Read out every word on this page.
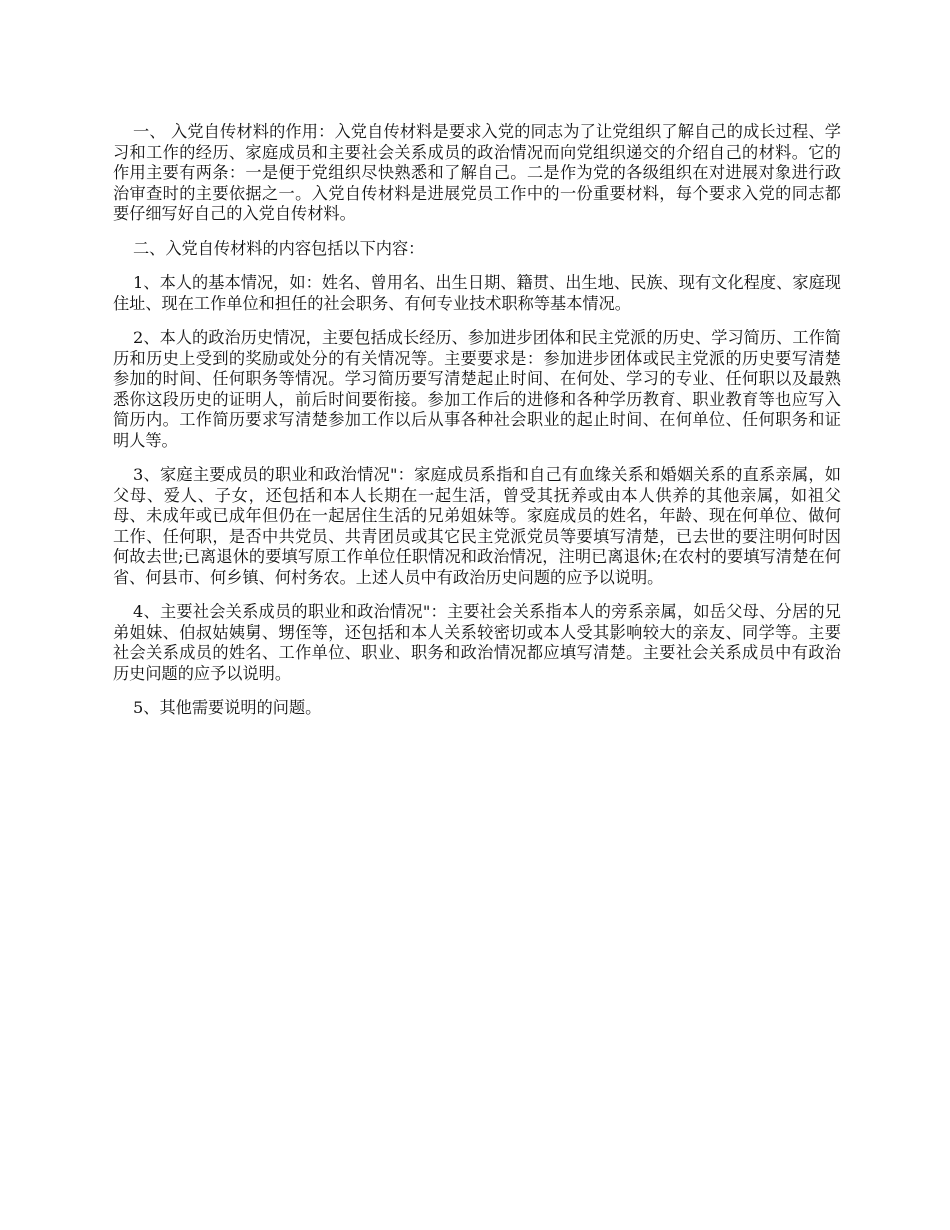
一、 入党自传材料的作用：入党自传材料是要求入党的同志为了让党组织了解自己的成长过程、学习和工作的经历、家庭成员和主要社会关系成员的政治情况而向党组织递交的介绍自己的材料。它的作用主要有两条：一是便于党组织尽快熟悉和了解自己。二是作为党的各级组织在对进展对象进行政治审查时的主要依据之一。入党自传材料是进展党员工作中的一份重要材料，每个要求入党的同志都要仔细写好自己的入党自传材料。

二、入党自传材料的内容包括以下内容：

1、本人的基本情况，如：姓名、曾用名、出生日期、籍贯、出生地、民族、现有文化程度、家庭现住址、现在工作单位和担任的社会职务、有何专业技术职称等基本情况。

2、本人的政治历史情况，主要包括成长经历、参加进步团体和民主党派的历史、学习简历、工作简历和历史上受到的奖励或处分的有关情况等。主要要求是：参加进步团体或民主党派的历史要写清楚参加的时间、任何职务等情况。学习简历要写清楚起止时间、在何处、学习的专业、任何职以及最熟悉你这段历史的证明人，前后时间要衔接。参加工作后的进修和各种学历教育、职业教育等也应写入简历内。工作简历要求写清楚参加工作以后从事各种社会职业的起止时间、在何单位、任何职务和证明人等。

3、家庭主要成员的职业和政治情况"：家庭成员系指和自己有血缘关系和婚姻关系的直系亲属，如父母、爱人、子女，还包括和本人长期在一起生活，曾受其抚养或由本人供养的其他亲属，如祖父母、未成年或已成年但仍在一起居住生活的兄弟姐妹等。家庭成员的姓名，年龄、现在何单位、做何工作、任何职，是否中共党员、共青团员或其它民主党派党员等要填写清楚，已去世的要注明何时因何故去世;已离退休的要填写原工作单位任职情况和政治情况，注明已离退休;在农村的要填写清楚在何省、何县市、何乡镇、何村务农。上述人员中有政治历史问题的应予以说明。

4、主要社会关系成员的职业和政治情况"：主要社会关系指本人的旁系亲属，如岳父母、分居的兄弟姐妹、伯叔姑姨舅、甥侄等，还包括和本人关系较密切或本人受其影响较大的亲友、同学等。主要社会关系成员的姓名、工作单位、职业、职务和政治情况都应填写清楚。主要社会关系成员中有政治历史问题的应予以说明。

5、其他需要说明的问题。
